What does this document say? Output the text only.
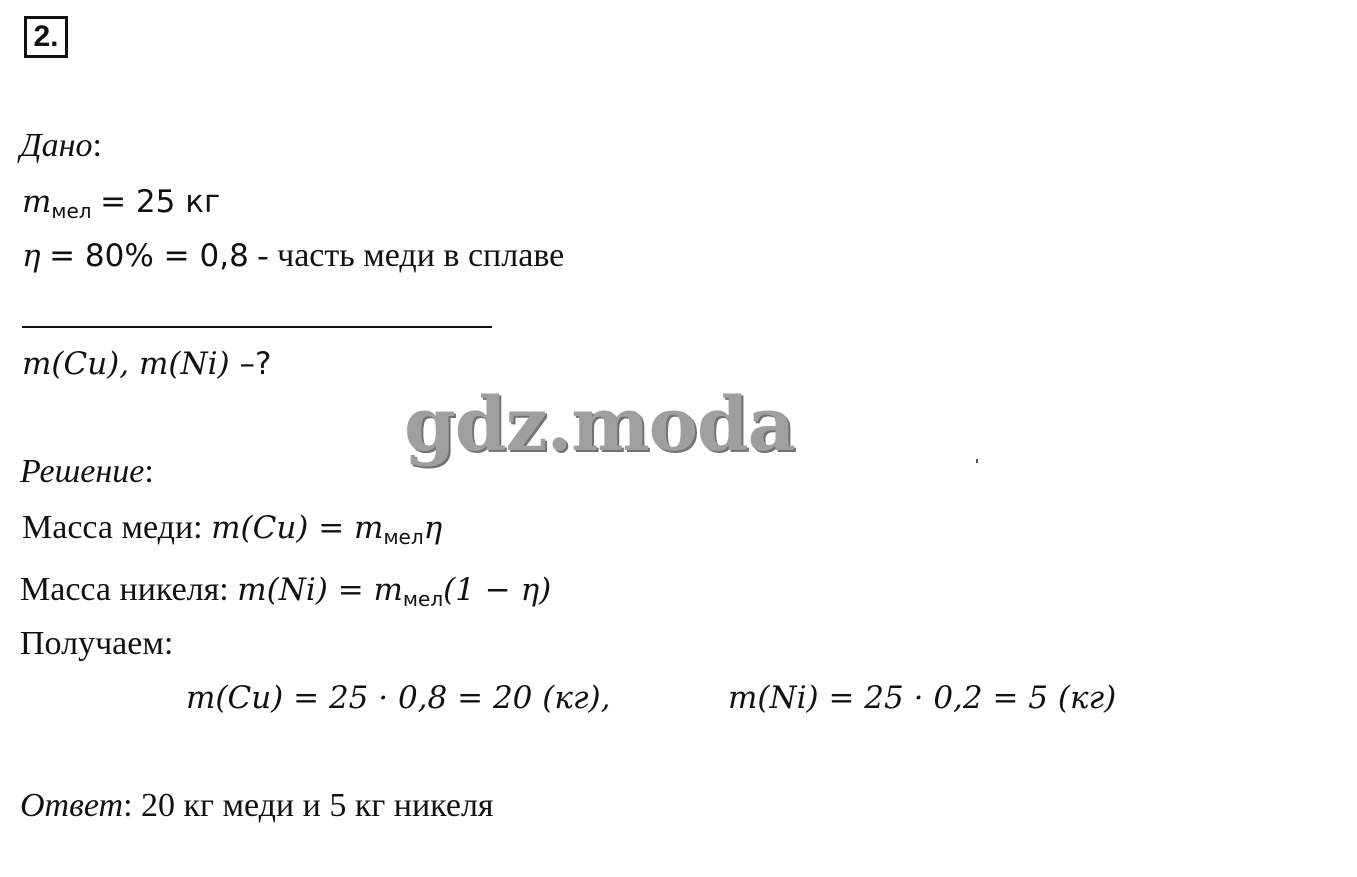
2.
Дано:
$m_{мел} = 25$ кг
η = 80% = 0,8 - часть меди в сплаве
m(Cu), m(Ni) –?
gdz.moda
Решение:
Масса меди: $m(Cu) = m_{мел}\eta$
Масса никеля: $m(Ni) = m_{мел}(1 - \eta)$
Получаем:
m(Cu) = 25 · 0,8 = 20 (кг),	m(Ni) = 25 · 0,2 = 5 (кг)
Ответ: 20 кг меди и 5 кг никеля
